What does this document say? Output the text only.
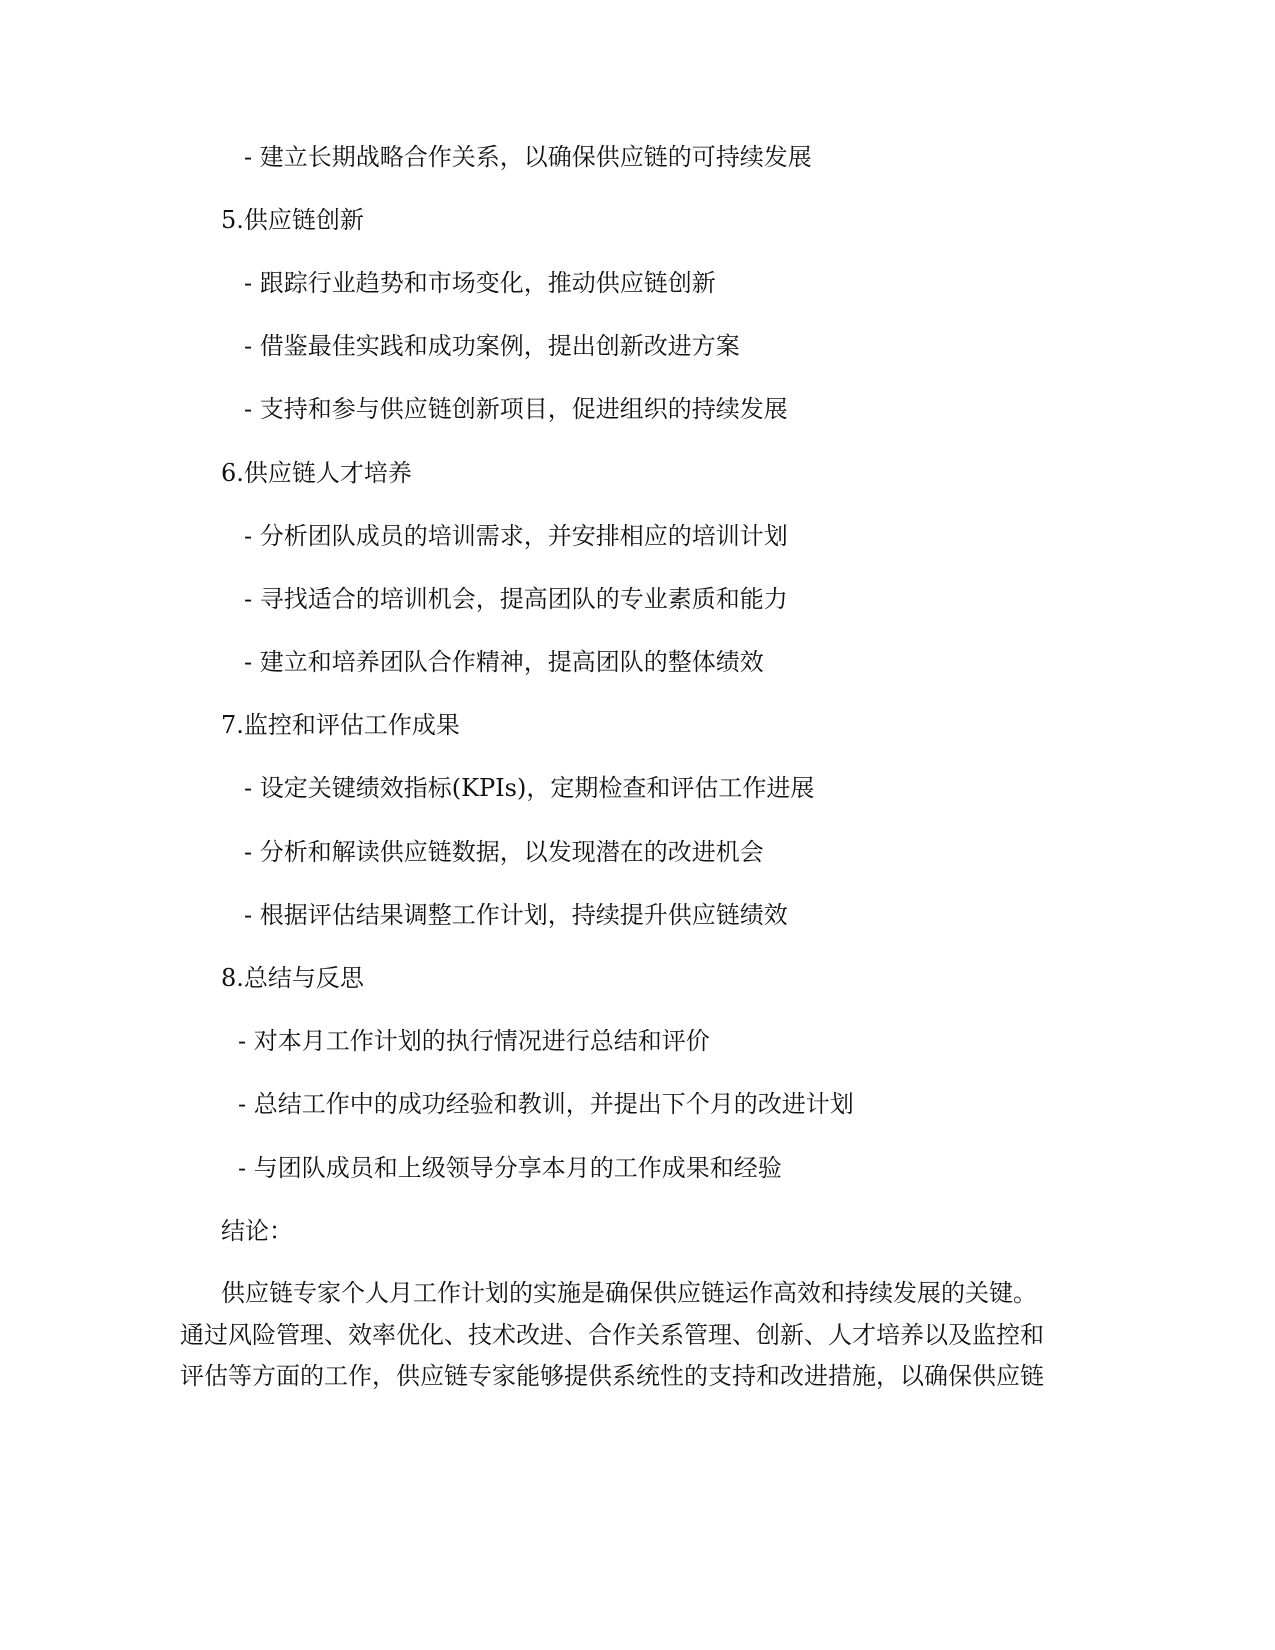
- 建立长期战略合作关系，以确保供应链的可持续发展

5.供应链创新

- 跟踪行业趋势和市场变化，推动供应链创新

- 借鉴最佳实践和成功案例，提出创新改进方案

- 支持和参与供应链创新项目，促进组织的持续发展

6.供应链人才培养

- 分析团队成员的培训需求，并安排相应的培训计划

- 寻找适合的培训机会，提高团队的专业素质和能力

- 建立和培养团队合作精神，提高团队的整体绩效

7.监控和评估工作成果

- 设定关键绩效指标(KPIs)，定期检查和评估工作进展

- 分析和解读供应链数据，以发现潜在的改进机会

- 根据评估结果调整工作计划，持续提升供应链绩效

8.总结与反思

- 对本月工作计划的执行情况进行总结和评价

- 总结工作中的成功经验和教训，并提出下个月的改进计划

- 与团队成员和上级领导分享本月的工作成果和经验

结论：

供应链专家个人月工作计划的实施是确保供应链运作高效和持续发展的关键。

通过风险管理、效率优化、技术改进、合作关系管理、创新、人才培养以及监控和

评估等方面的工作，供应链专家能够提供系统性的支持和改进措施，以确保供应链
